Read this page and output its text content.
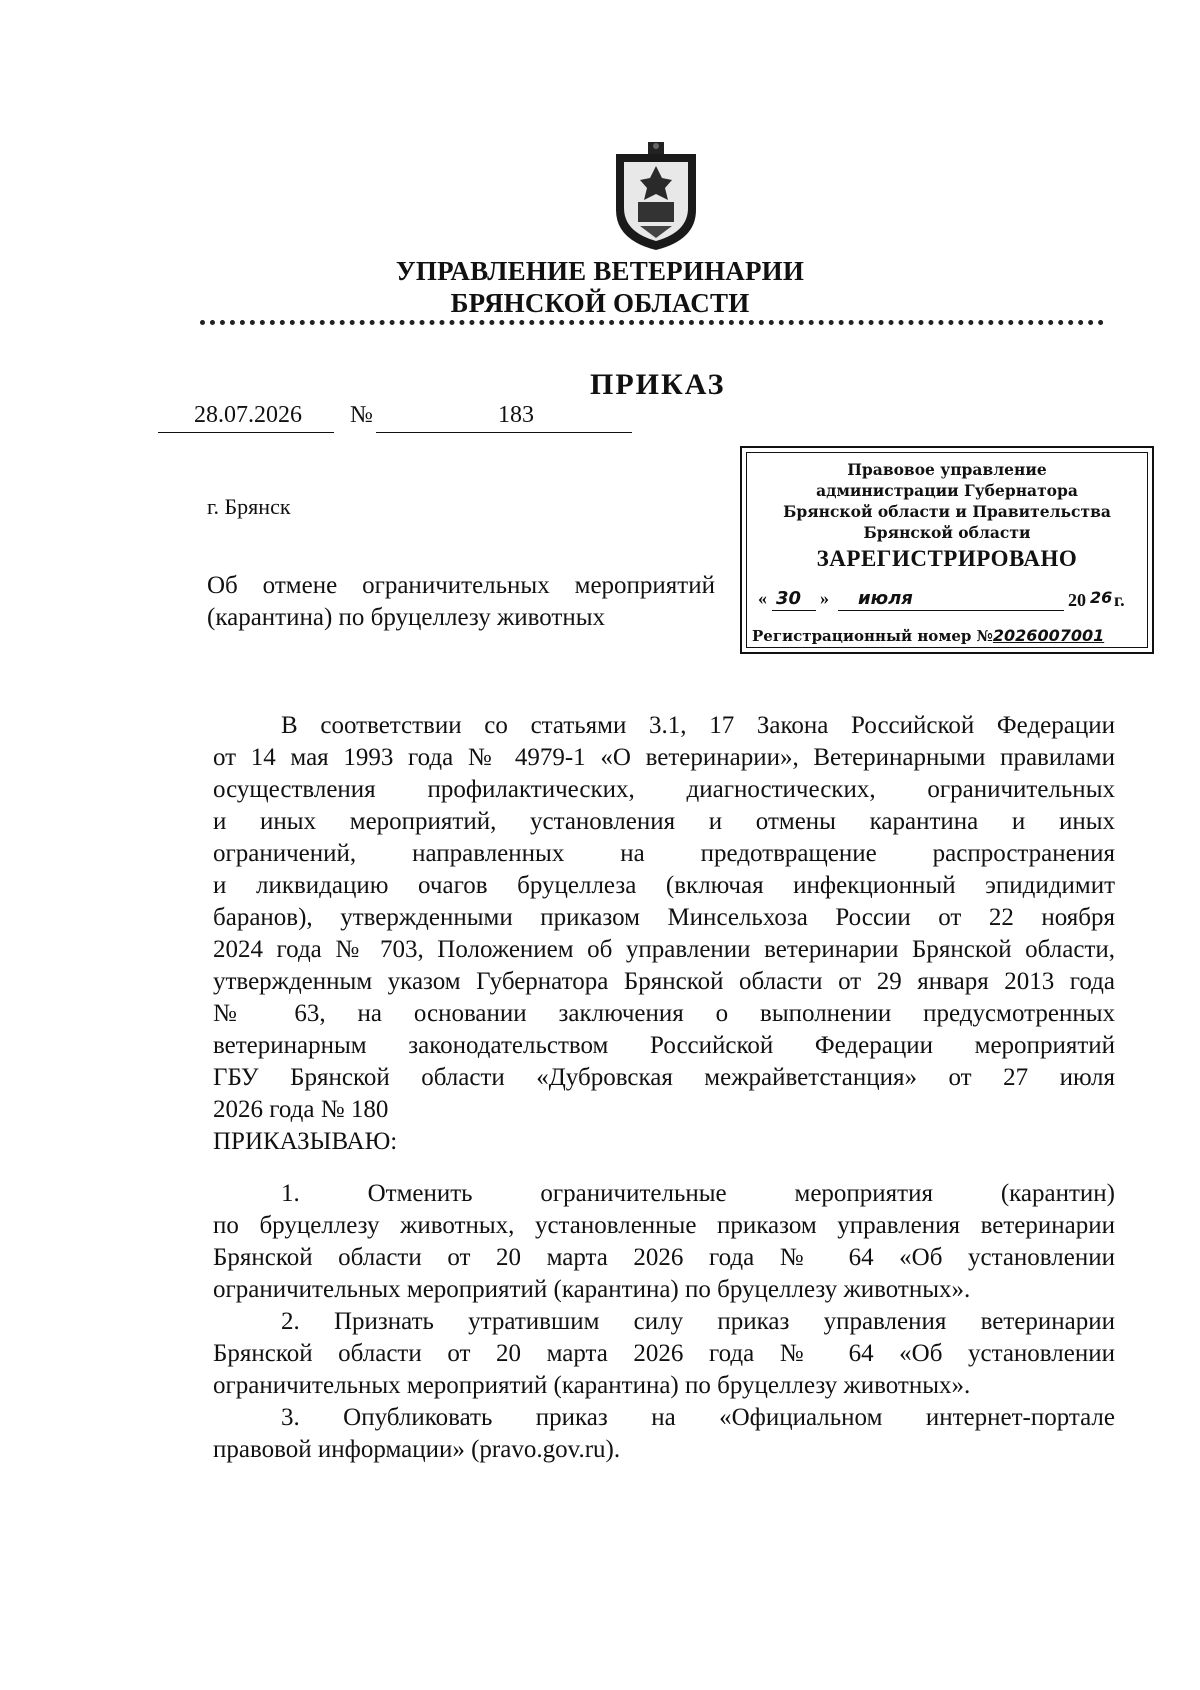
УПРАВЛЕНИЕ ВЕТЕРИНАРИИ
БРЯНСКОЙ ОБЛАСТИ
ПРИКАЗ
28.07.2026 №	183
г. Брянск
Об отмене ограничительных мероприятий
(карантина) по бруцеллезу животных
Правовое управление
администрации Губернатора
Брянской области и Правительства
Брянской области
ЗАРЕГИСТРИРОВАНО
« 30 » июля	20 26 г.
Регистрационный номер №2026007001
В соответствии со статьями 3.1, 17 Закона Российской Федерации
от 14 мая 1993 года № 4979-1 «О ветеринарии», Ветеринарными правилами
осуществления профилактических, диагностических, ограничительных
и иных мероприятий, установления и отмены карантина и иных
ограничений, направленных на предотвращение распространения
и ликвидацию очагов бруцеллеза (включая инфекционный эпидидимит
баранов), утвержденными приказом Минсельхоза России от 22 ноября
2024 года № 703, Положением об управлении ветеринарии Брянской области,
утвержденным указом Губернатора Брянской области от 29 января 2013 года
№ 63, на основании заключения о выполнении предусмотренных
ветеринарным законодательством Российской Федерации мероприятий
ГБУ Брянской области «Дубровская межрайветстанция» от 27 июля
2026 года № 180
ПРИКАЗЫВАЮ:
1. Отменить ограничительные мероприятия (карантин)
по бруцеллезу животных, установленные приказом управления ветеринарии
Брянской области от 20 марта 2026 года № 64 «Об установлении
ограничительных мероприятий (карантина) по бруцеллезу животных».
2. Признать утратившим силу приказ управления ветеринарии
Брянской области от 20 марта 2026 года № 64 «Об установлении
ограничительных мероприятий (карантина) по бруцеллезу животных».
3. Опубликовать приказ на «Официальном интернет-портале
правовой информации» (pravo.gov.ru).
